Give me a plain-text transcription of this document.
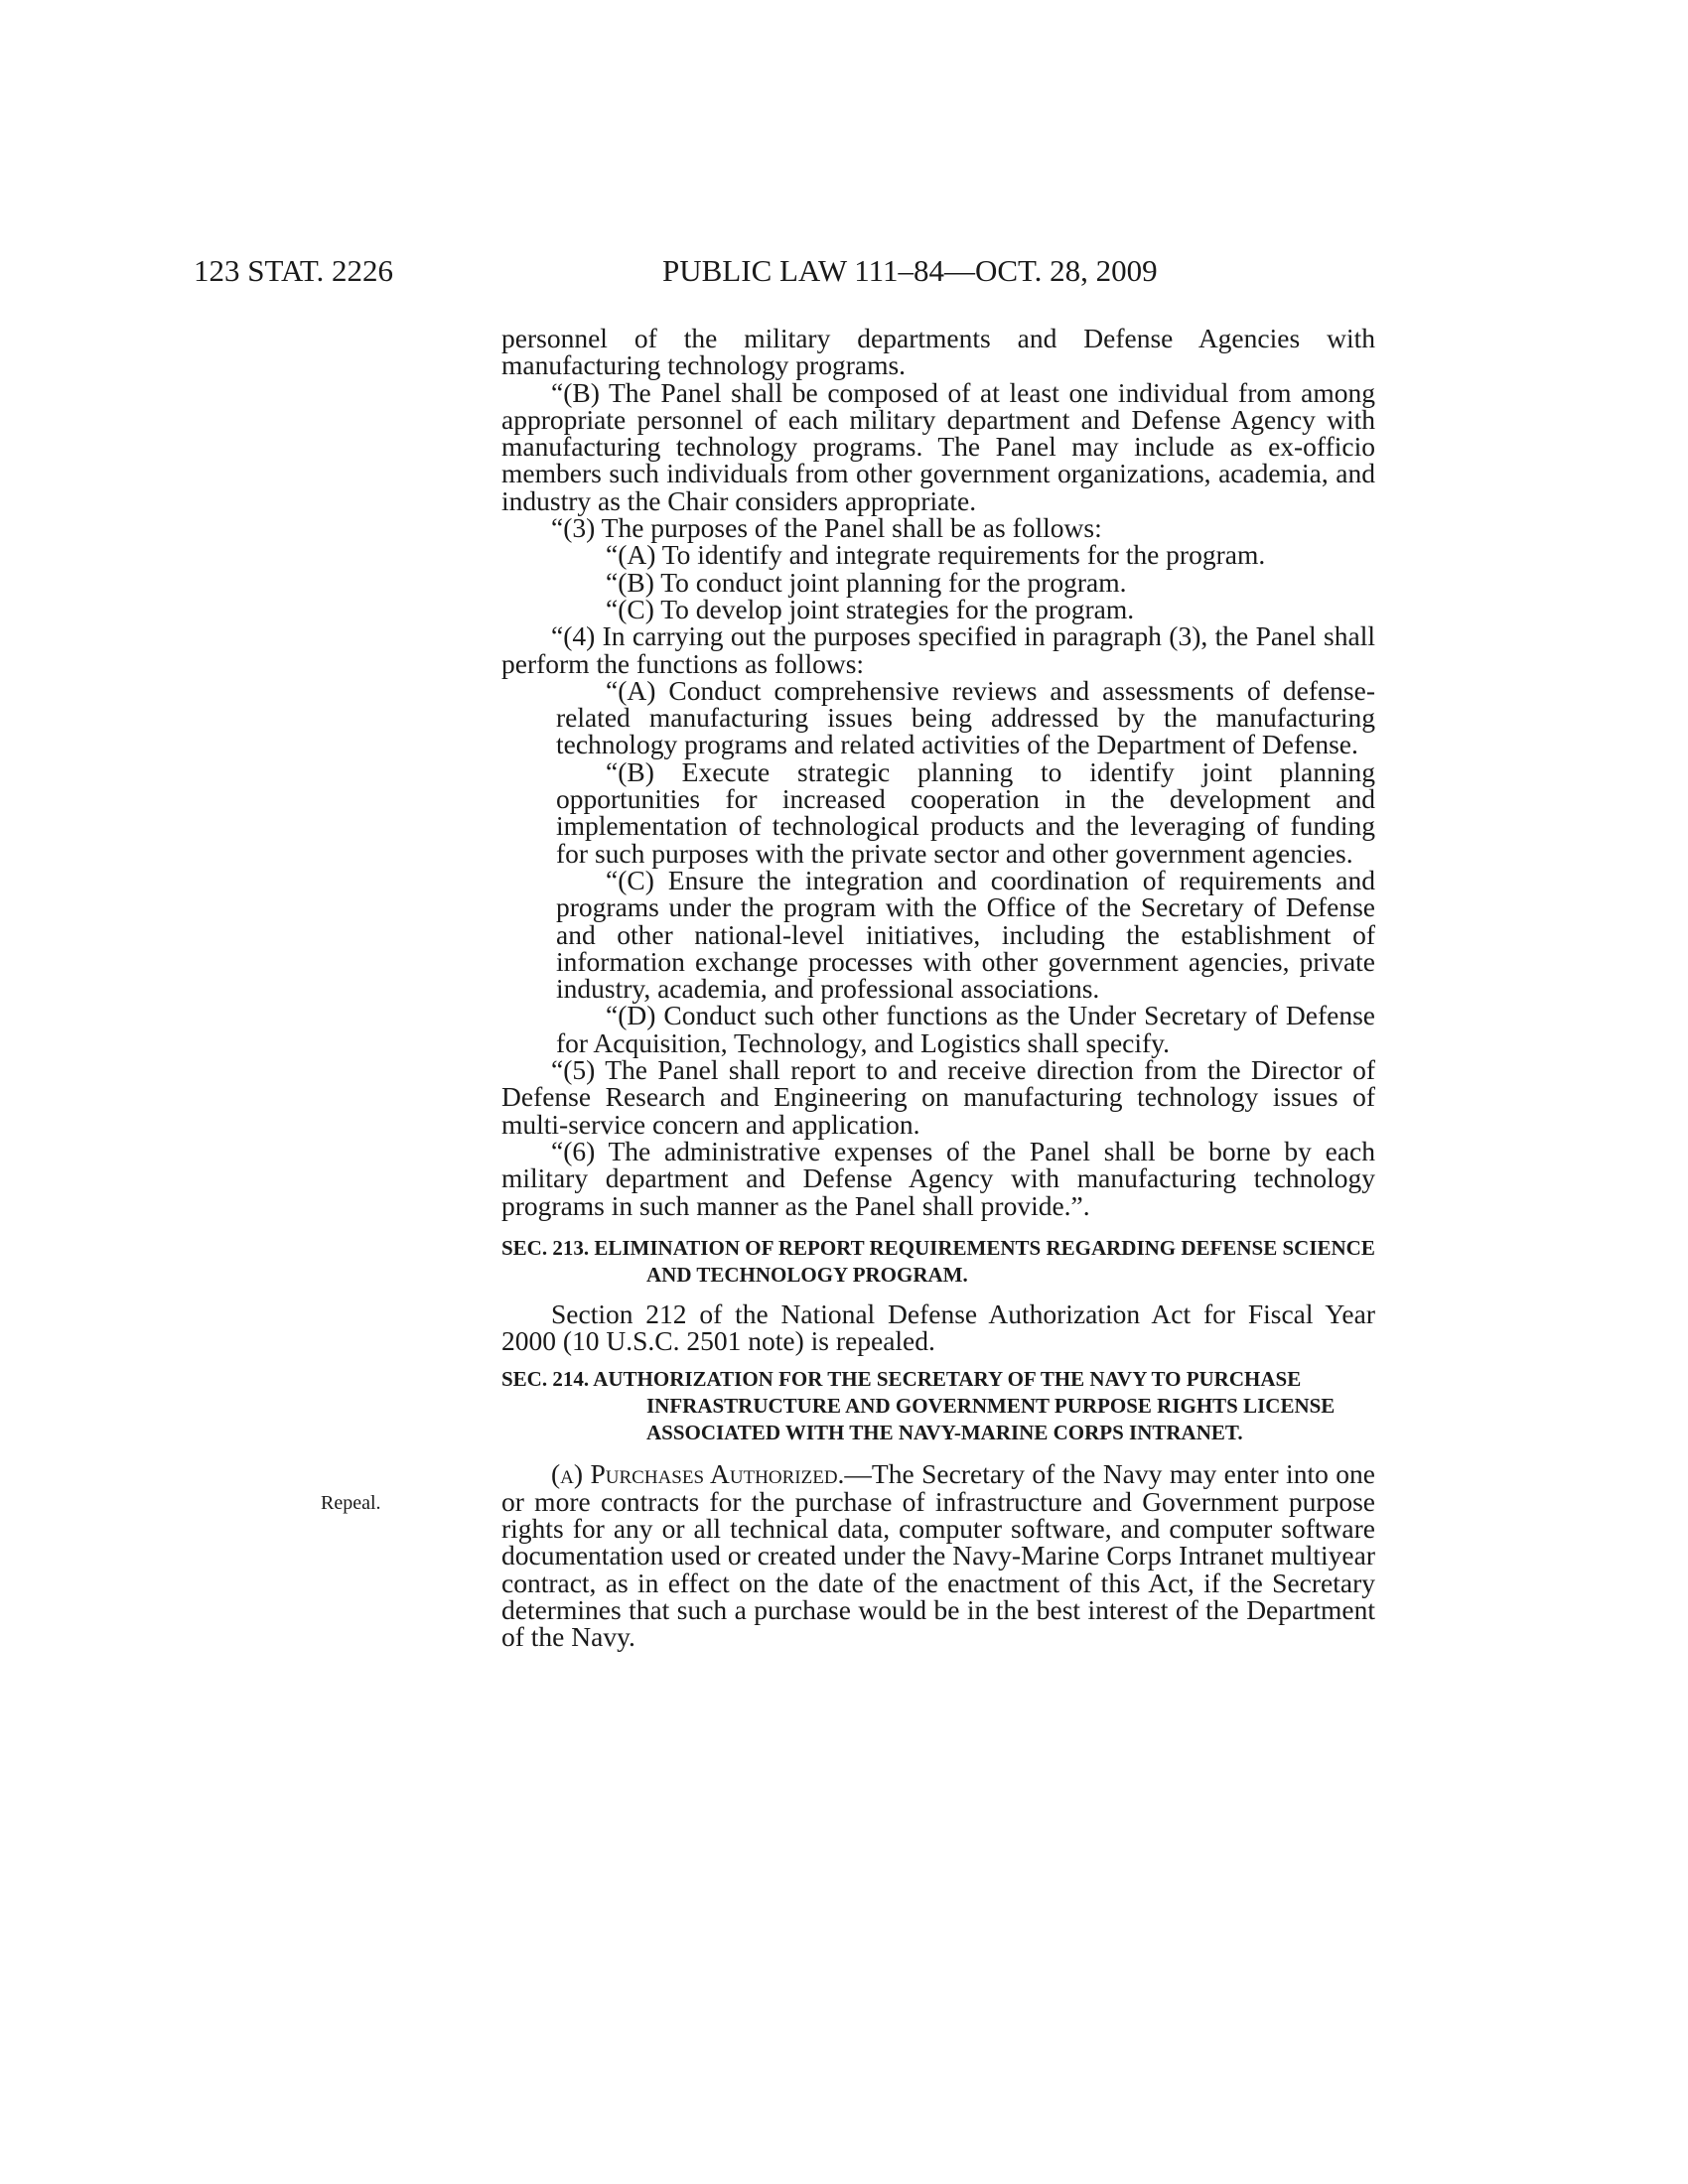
123 STAT. 2226	PUBLIC LAW 111–84—OCT. 28, 2009
Repeal.

personnel of the military departments and Defense Agencies with manufacturing technology programs.

“(B) The Panel shall be composed of at least one individual from among appropriate personnel of each military department and Defense Agency with manufacturing technology programs. The Panel may include as ex-officio members such individuals from other government organizations, academia, and industry as the Chair considers appropriate.

“(3) The purposes of the Panel shall be as follows:

“(A) To identify and integrate requirements for the program.

“(B) To conduct joint planning for the program.

“(C) To develop joint strategies for the program.

“(4) In carrying out the purposes specified in paragraph (3), the Panel shall perform the functions as follows:

“(A) Conduct comprehensive reviews and assessments of defense-related manufacturing issues being addressed by the manufacturing technology programs and related activities of the Department of Defense.

“(B) Execute strategic planning to identify joint planning opportunities for increased cooperation in the development and implementation of technological products and the leveraging of funding for such purposes with the private sector and other government agencies.

“(C) Ensure the integration and coordination of requirements and programs under the program with the Office of the Secretary of Defense and other national-level initiatives, including the establishment of information exchange processes with other government agencies, private industry, academia, and professional associations.

“(D) Conduct such other functions as the Under Secretary of Defense for Acquisition, Technology, and Logistics shall specify.

“(5) The Panel shall report to and receive direction from the Director of Defense Research and Engineering on manufacturing technology issues of multi-service concern and application.

“(6) The administrative expenses of the Panel shall be borne by each military department and Defense Agency with manufacturing technology programs in such manner as the Panel shall provide.”.

SEC. 213. ELIMINATION OF REPORT REQUIREMENTS REGARDING DEFENSE SCIENCE AND TECHNOLOGY PROGRAM.

Section 212 of the National Defense Authorization Act for Fiscal Year 2000 (10 U.S.C. 2501 note) is repealed.

SEC. 214. AUTHORIZATION FOR THE SECRETARY OF THE NAVY TO PURCHASE INFRASTRUCTURE AND GOVERNMENT PURPOSE RIGHTS LICENSE ASSOCIATED WITH THE NAVY-MARINE CORPS INTRANET.

(a) Purchases Authorized.—The Secretary of the Navy may enter into one or more contracts for the purchase of infrastructure and Government purpose rights for any or all technical data, computer software, and computer software documentation used or created under the Navy-Marine Corps Intranet multiyear contract, as in effect on the date of the enactment of this Act, if the Secretary determines that such a purchase would be in the best interest of the Department of the Navy.
